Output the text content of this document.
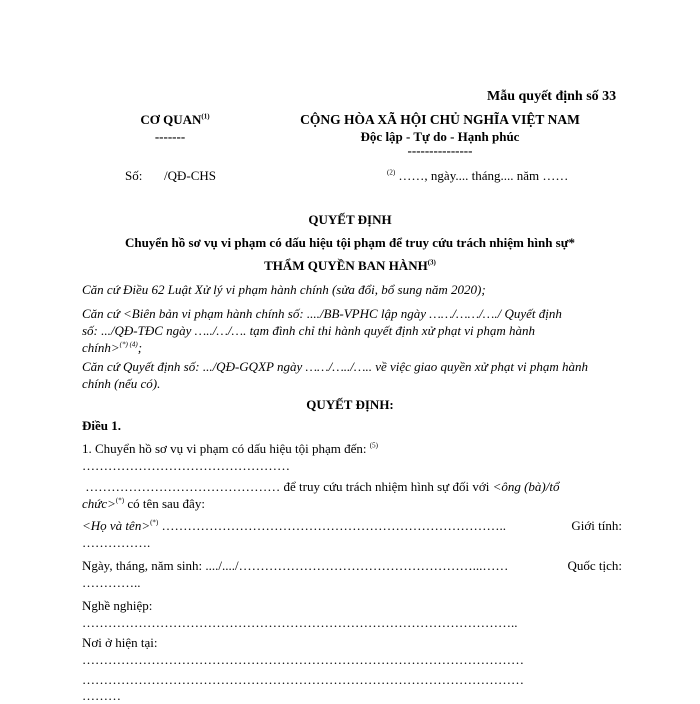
Mẫu quyết định số 33
CƠ QUAN$^{(1)}$
-------
CỘNG HÒA XÃ HỘI CHỦ NGHĨA VIỆT NAM
Độc lập - Tự do - Hạnh phúc
---------------
Số: /QĐ-CHS	$^{(2)}$ ……, ngày.... tháng.... năm ……
QUYẾT ĐỊNH
Chuyển hồ sơ vụ vi phạm có dấu hiệu tội phạm để truy cứu trách nhiệm hình sự*
THẨM QUYỀN BAN HÀNH$^{(3)}$
Căn cứ Điều 62 Luật Xử lý vi phạm hành chính (sửa đổi, bổ sung năm 2020);
Căn cứ <Biên bản vi phạm hành chính số: ..../BB-VPHC lập ngày ……/……/…./ Quyết định
số: .../QĐ-TĐC ngày …../…/…. tạm đình chỉ thi hành quyết định xử phạt vi phạm hành
chính>$^{(*) (4)}$;
Căn cứ Quyết định số: .../QĐ-GQXP ngày ……/…../….. về việc giao quyền xử phạt vi phạm hành
chính (nếu có).
QUYẾT ĐỊNH:
Điều 1.
1. Chuyển hồ sơ vụ vi phạm có dấu hiệu tội phạm đến: $^{(5)}$
…………………………………………
……………………………………… để truy cứu trách nhiệm hình sự đối với <ông (bà)/tổ
chức>(*) có tên sau đây:
<Họ và tên>(*) ……………………………………………………………………..	Giới tính:
…………….
Ngày, tháng, năm sinh: ..../..../………………………………………………...……	Quốc tịch:
…………..
Nghề nghiệp:
………………………………………………………………………………………..
Nơi ở hiện tại:
…………………………………………………………………………………………
…………………………………………………………………………………………
………
